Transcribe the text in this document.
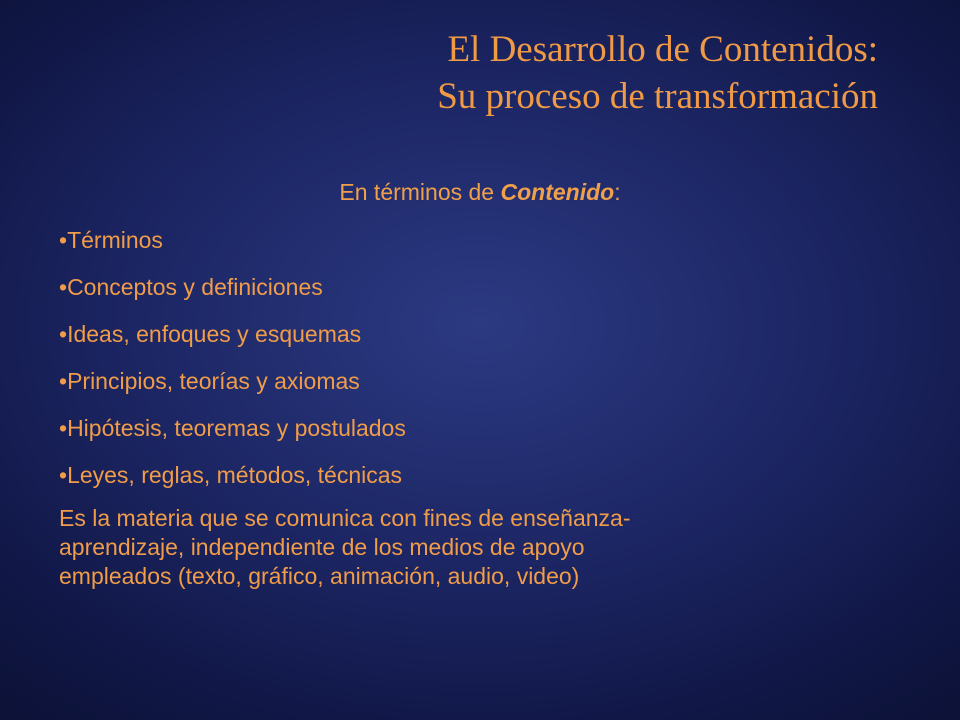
El Desarrollo de Contenidos:
Su proceso de transformación
En términos de Contenido:
•Términos
•Conceptos y definiciones
•Ideas, enfoques y esquemas
•Principios, teorías y axiomas
•Hipótesis, teoremas y postulados
•Leyes, reglas, métodos, técnicas

Es la materia que se comunica con fines de enseñanza-
aprendizaje, independiente de los medios de apoyo
empleados (texto, gráfico, animación, audio, video)
